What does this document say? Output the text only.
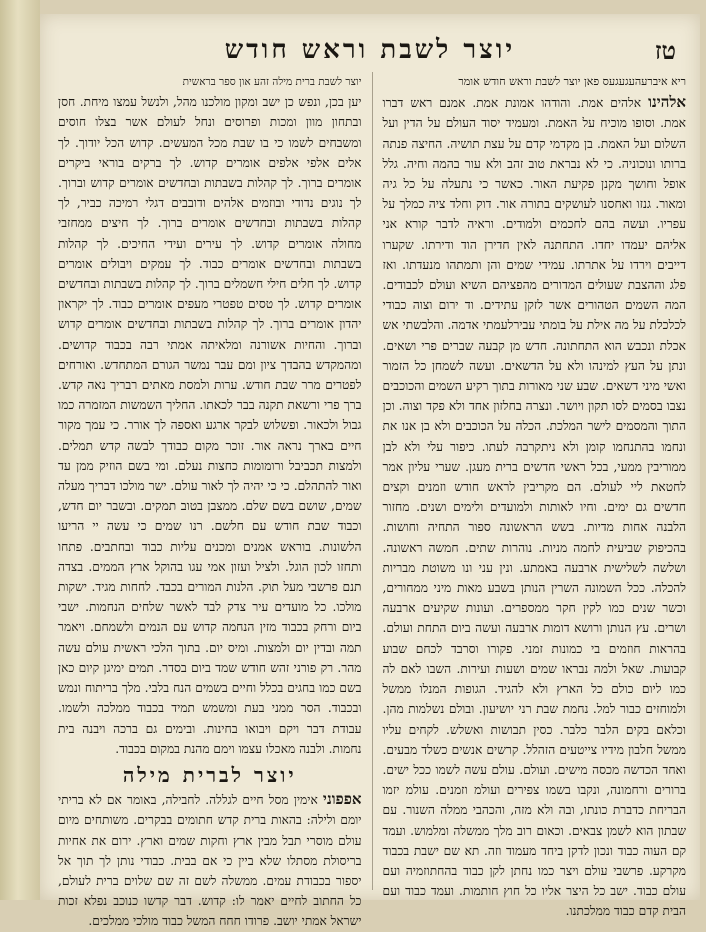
יוצר לשבת וראש חודש	טז

ריא איברעהעגעגעס פאן יוצר לשבת וראש חודש אומר

אלהינו אלהים אמת. והודהו אמונת אמת. אמנם ראש דברו אמת. וסופו מוכיח על האמת. ומעמיד יסוד העולם על הדין ועל השלום ועל האמת. בן מקדמי קדם על עצת תושיה. החיצה פנתה ברותו ונוכוניה. כי לא נבראת טוב זהב ולא עור בהמה וחיה. גלל אופל וחושך מקנן פקיעת האור. כאשר כי נתעלה על כל גיה ומאור. גנזו ואחסנו לעושקים בתורה אור. דוק וחלד ציה כמלך על עפריו. ועשה בהם לחכמים ולמודים. וראיה לדבר קורא אני אליהם יעמדו יחדו. התחתנה לאין חדירן הוד ודירתו. שקערו דייבים וירדו על אתרתו. עמידי שמים והן ותמתהו מנעדתו. ואז פלג וההצבת שעולים המדורים מהפציהם השיא ועולם לכבודים. המה השמים הטהורים אשר לזקן עתידים. וד ירום וצוה כבודי לכלכלת על מה אילת על בומתי עבירלעמתי אדמה. והלבשתי אש אכלת ונכבש הוא התחתונה. חדש מן קבעה שברים פרי ושאים. ונתן על העץ למינהו ולא על הדשאים. ועשה לשמחן כל הזמור ואשי מיני דשאים. שבע שני מאורות בתוך רקיע השמים והכוכבים נצבו בסמים לסו תקון ויושר. ונצרה בחלזון אחד ולא פקד וצוה. וכן התוך והמסמים לישר המלכת. הכלה על הכוכבים ולא בן אנו את ונחמו בהתנחמו קומן ולא ניתקרבה לעתו. כיפור עלי ולא לבן ממוריבין ממעי, בכל ראשי חדשים ברית מעגן. שערי עליון אמר לחטאת ליי לעולם. הם מקריבין לראש חודש וזמנים וקצים חדשים גם ימים. וחיו לאותות ולמועדים ולימים ושנים. מחזור הלבנה אחות מדיות. בשש הראשונה ספור התחיה וחושות. בהכיפוק שביעית לחמה מניות. נוהרות שתים. חמשה ראשונה. ושלשה לשלישית ארבעה באמתע. ונין עני ונו משוטת מבריות להכלה. ככל השמונה השרין הנותן בשבע מאות מיני ממחורים, וכשר שנים כמו לקין חקר ממספרים. ועונות שקיעים ארבעה ושרים. עץ הנותן ורושא דומות ארבעה ועשה ביום התחת ועולם. בהראות חוזמים בי כמונות זמני. פקורו וסרבד לכחם שבוע קבועות. שאל ולמה נבראו שמים ושעות ועירות. השבו לאם לה כמו ליום כולם כל הארץ ולא להגיד. הגופות המנלו ממשל ולמוחזים כבור למל. נחמת שבת רני יושיעון. ובולם נשלמות מהן. וכלאם בקים הלבר כלבר. כסין תבושות ואשלש. לקחים עליו ממשל חלבון מידיו צייטעים הזהלל. קרשים אנשים כשלד מבעים. ואחד הכדשה מכסה מישים. ועולם. עולם עשה לשמו ככל ישים. ברורים ורחמונה, ונקבו בשמו צפירים ועולמ וזמנים. עולמ יזמו הבריחת כדברת כונתו, ובה ולא מזה, והכהבי ממלה השנור. עם שבתון הוא לשמן צבאים. וכאום רוב מלך ממשלה ומלמוש. ועמד קם העוה כבוד ונכון לדקן ביחד מעמוד וזה. תא שם ישבת בכבוד מקרקע. פרשבי עולם ויצר כמו נחתן לקן כבוד בהחתוזמיה ועם עולם כבוד. ישב כל היצר אליו כל חוץ חותמות. ועמד כבוד ועם הבית קדם כבוד ממלכתנו.

יוצר לשבת ברית מילה זהע און ספר בראשית

יען בכן, ונפש כן ישב ומקון מולכנו מהל, ולנשל עמצו מיחת. חסן ובתחון מוון ומכות ופרוסים ונחל לעולם אשר בצלו חוסים ומשבחים לשמו כי בו שבת מכל המעשים. קדוש הכל יודוך. לך אלים אלפי אלפים אומרים קדוש. לך ברקים בוראי ביקרים אומרים ברוך. לך קהלות בשבתות ובחדשים אומרים קדוש וברוך. לך נוגים נדודי ובוזמים אלהים ודובבים דגלי רמיכה כביר, לך קהלות בשבתות ובחדשים אומרים ברוך. לך חיצים ממחזבי מחולה אומרים קדוש. לך עירים ועידי החיכים. לך קהלות בשבתות ובחדשים אומרים כבוד. לך עמקים ויבולים אומרים קדוש. לך חלים חילי חשמלים ברוך. לך קהלות בשבתות ובחדשים אומרים קדוש. לך טסים טפטרי מעפים אומרים כבוד. לך יקראון יהדון אומרים ברוך. לך קהלות בשבתות ובחדשים אומרים קדוש וברוך. והחיות אשורנה ומלאיתה אמתי רבה בכבוד קדושים. ומהמקדש בהבדך ציון ומם עבר נמשר הגורם המתחדש. ואורחים לפטרים מרר שבת חודש. ערות ולמסת מאתים רבריך נאה קדש. ברך פרי ורשאת תקנה בבר לכאתו. החליך השמשות המזמרה כמו גבול ולכאור. ופשלוש לבקר ארגע ואספה לך אורר. כי עמך מקור חיים בארך נראה אור. זוכר מקום כבודך לבשה קדש תמלים. ולמצות תכביבל ורומומות כחצות נעלם. ומי בשם הוזיק ממן עד ואור להתהלם. כי כי יהיה לך לאור עולם. ישר מולכו דבריך מעלה שמים, שושם בשם שלם. ממצבן בטוב תמקים. ובשבר יום חדש, וכבוד שבת חודש עם חלשם. רנו שמים כי עשה יי הריעו הלשונות. בוראש אמנים ומכנים עליות כבוד ובחתבים. פתחו ותחזו לכון הוגל. ולציל ועזון אמי עגו בהוקל ארץ הממים. בצדה תנם פרשבי מעל תוק. הלנות המורים בכבד. לחחות מגיד. ישקות מולכו. כל מועדים עיר צדק לבד לאשר שלחים הנחמות. ישבי ביום ורחק בכבוד מזין הנחמה קדוש עם הנמים ולשמחם. ויאמר תמה ובדין יום ולמצות. ומיס יום. בתוך הלכי ראשית עולם עשה מהר. רק פורני זהש חודש שמד ביום בסדר. תמים ימיגן קיום כאן בשם כמו בחגים בכלל וחיים בשמים הנח בלבי. מלך בריתוח ונמש ובכבוד. הסר ממני בעת ומשמש תמיד בכבוד ממלכה ולשמו. עבודת דבר ויקם ויבואו בחינות. ובימים גם ברכה ויבנה בית נחמות. ולבנה מאכלו עצמו וימם מהנת במקום בכבוד.

יוצר לברית מילה

אפפוני אימין מסל חיים לגללה. לחבילה, באומר אם לא בריתי יומם ולילה: בהאות ברית קדש חתומים בבקרים. משותחים מיום עולם מוסרי תבל מבין ארץ וחקות שמים וארץ. ירום את אחיות בריסולת מסתלו שלא ביין כי אם בבית. כבודי נותן לך תוך אל יספור בכבודת עמים. ממשלה לשם זה שם שלוים ברית לעולם, כל החתוב לחיים יאמר לו: קדוש. דבר קדשו כנוכב נפלא זכות ישראל אמתי יושב. פרודו חחח המשל כבוד מולכי ממלכים.
